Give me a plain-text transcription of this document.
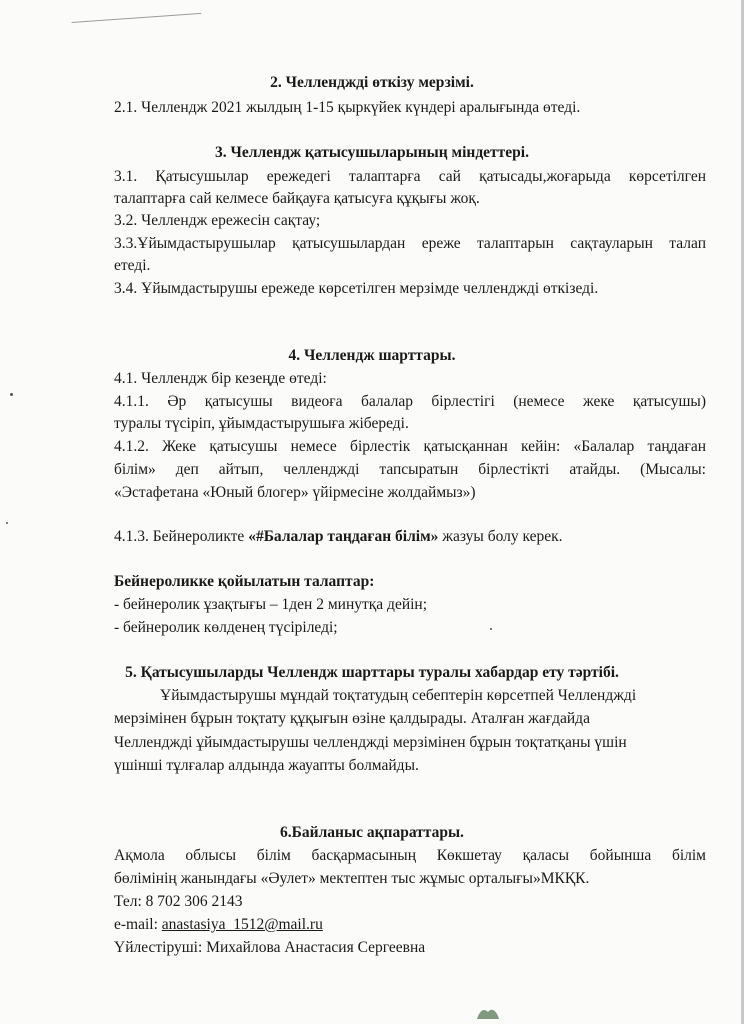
2. Челленджді өткізу мерзімі.
2.1. Челлендж 2021 жылдың 1-15 қыркүйек күндері аралығында өтеді.
3. Челлендж қатысушыларының міндеттері.
3.1. Қатысушылар ережедегі талаптарға сай қатысады,жоғарыда көрсетілген
талаптарға сай келмесе байқауға қатысуға құқығы жоқ.
3.2. Челлендж ережесін сақтау;
3.3.Ұйымдастырушылар қатысушылардан ереже талаптарын сақтауларын талап
етеді.
3.4. Ұйымдастырушы ережеде көрсетілген мерзімде челленджді өткізеді.
4. Челлендж шарттары.
4.1. Челлендж бір кезеңде өтеді:
4.1.1. Әр қатысушы видеоға балалар бірлестігі (немесе жеке қатысушы)
туралы түсіріп, ұйымдастырушыға жібереді.
4.1.2. Жеке қатысушы немесе бірлестік қатысқаннан кейін: «Балалар таңдаған
білім» деп айтып, челленджді тапсыратын бірлестікті атайды. (Мысалы:
«Эстафетана «Юный блогер» үйірмесіне жолдаймыз»)
4.1.3. Бейнероликте «#Балалар таңдаған білім» жазуы болу керек.
Бейнероликке қойылатын талаптар:
- бейнеролик ұзақтығы – 1ден 2 минутқа дейін;
- бейнеролик көлденең түсіріледі;
5. Қатысушыларды Челлендж шарттары туралы хабардар ету тәртібі.
Ұйымдастырушы мұндай тоқтатудың себептерін көрсетпей Челленджді
мерзімінен бұрын тоқтату құқығын өзіне қалдырады. Аталған жағдайда
Челленджді ұйымдастырушы челленджді мерзімінен бұрын тоқтатқаны үшін
үшінші тұлғалар алдында жауапты болмайды.
6.Байланыс ақпараттары.
Ақмола облысы білім басқармасының Көкшетау қаласы бойынша білім
бөлімінің жанындағы «Әулет» мектептен тыс жұмыс орталығы»МКҚК.
Тел: 8 702 306 2143
e-mail: anastasiya_1512@mail.ru
Үйлестіруші: Михайлова Анастасия Сергеевна
